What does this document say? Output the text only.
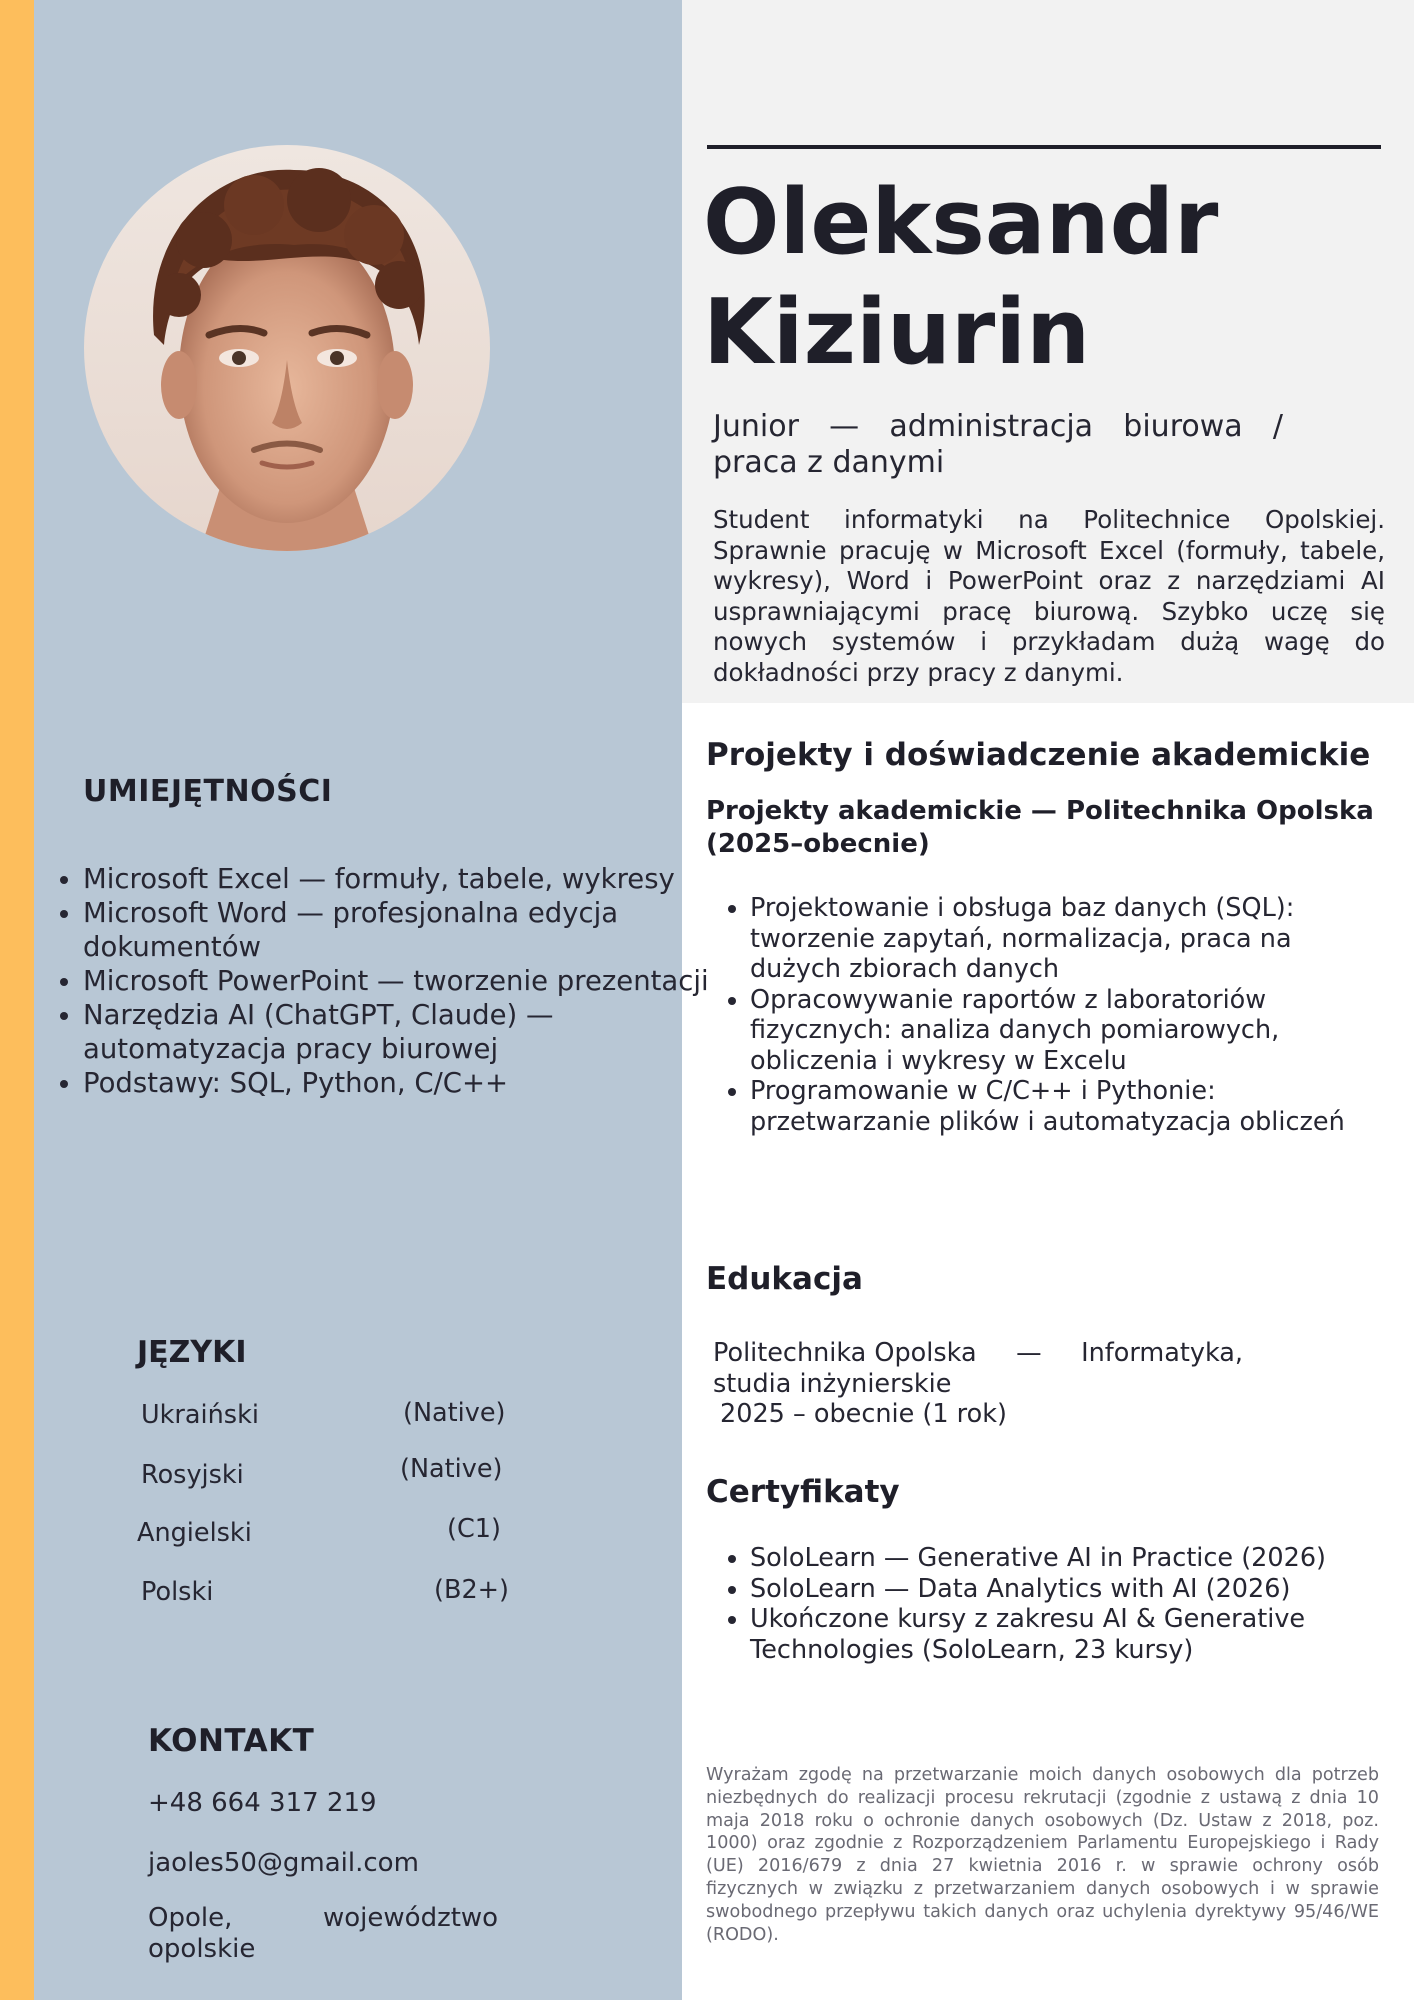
Oleksandr
Kiziurin
Junior — administracja biurowa / praca z danymi
Student informatyki na Politechnice Opolskiej. Sprawnie pracuję w Microsoft Excel (formuły, tabele, wykresy), Word i PowerPoint oraz z narzędziami AI usprawniającymi pracę biurową. Szybko uczę się nowych systemów i przykładam dużą wagę do dokładności przy pracy z danymi.
UMIEJĘTNOŚCI
• Microsoft Excel — formuły, tabele, wykresy
• Microsoft Word — profesjonalna edycja dokumentów
• Microsoft PowerPoint — tworzenie prezentacji
• Narzędzia AI (ChatGPT, Claude) — automatyzacja pracy biurowej
• Podstawy: SQL, Python, C/C++
JĘZYKI
Ukraiński	(Native)
Rosyjski	(Native)
Angielski	(C1)
Polski	(B2+)
KONTAKT
+48 664 317 219
jaoles50@gmail.com
Opole,	województwo
opolskie
Projekty i doświadczenie akademickie
Projekty akademickie — Politechnika Opolska (2025–obecnie)
• Projektowanie i obsługa baz danych (SQL): tworzenie zapytań, normalizacja, praca na dużych zbiorach danych
• Opracowywanie raportów z laboratoriów fizycznych: analiza danych pomiarowych, obliczenia i wykresy w Excelu
• Programowanie w C/C++ i Pythonie: przetwarzanie plików i automatyzacja obliczeń
Edukacja
Politechnika Opolska — Informatyka,
studia inżynierskie
2025 – obecnie (1 rok)
Certyfikaty
• SoloLearn — Generative AI in Practice (2026)
• SoloLearn — Data Analytics with AI (2026)
• Ukończone kursy z zakresu AI & Generative Technologies (SoloLearn, 23 kursy)
Wyrażam zgodę na przetwarzanie moich danych osobowych dla potrzeb niezbędnych do realizacji procesu rekrutacji (zgodnie z ustawą z dnia 10 maja 2018 roku o ochronie danych osobowych (Dz. Ustaw z 2018, poz. 1000) oraz zgodnie z Rozporządzeniem Parlamentu Europejskiego i Rady (UE) 2016/679 z dnia 27 kwietnia 2016 r. w sprawie ochrony osób fizycznych w związku z przetwarzaniem danych osobowych i w sprawie swobodnego przepływu takich danych oraz uchylenia dyrektywy 95/46/WE (RODO).
